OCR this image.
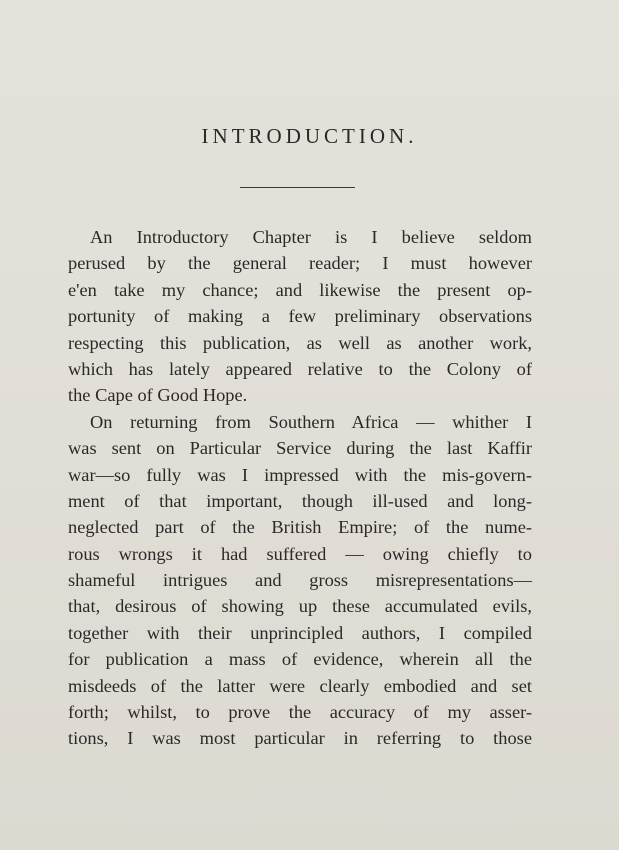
INTRODUCTION.
An Introductory Chapter is I believe seldom
perused by the general reader; I must however
e'en take my chance; and likewise the present op-
portunity of making a few preliminary observations
respecting this publication, as well as another work,
which has lately appeared relative to the Colony of
the Cape of Good Hope.
On returning from Southern Africa — whither I
was sent on Particular Service during the last Kaffir
war—so fully was I impressed with the mis-govern-
ment of that important, though ill-used and long-
neglected part of the British Empire; of the nume-
rous wrongs it had suffered — owing chiefly to
shameful intrigues and gross misrepresentations—
that, desirous of showing up these accumulated evils,
together with their unprincipled authors, I compiled
for publication a mass of evidence, wherein all the
misdeeds of the latter were clearly embodied and set
forth; whilst, to prove the accuracy of my asser-
tions, I was most particular in referring to those
